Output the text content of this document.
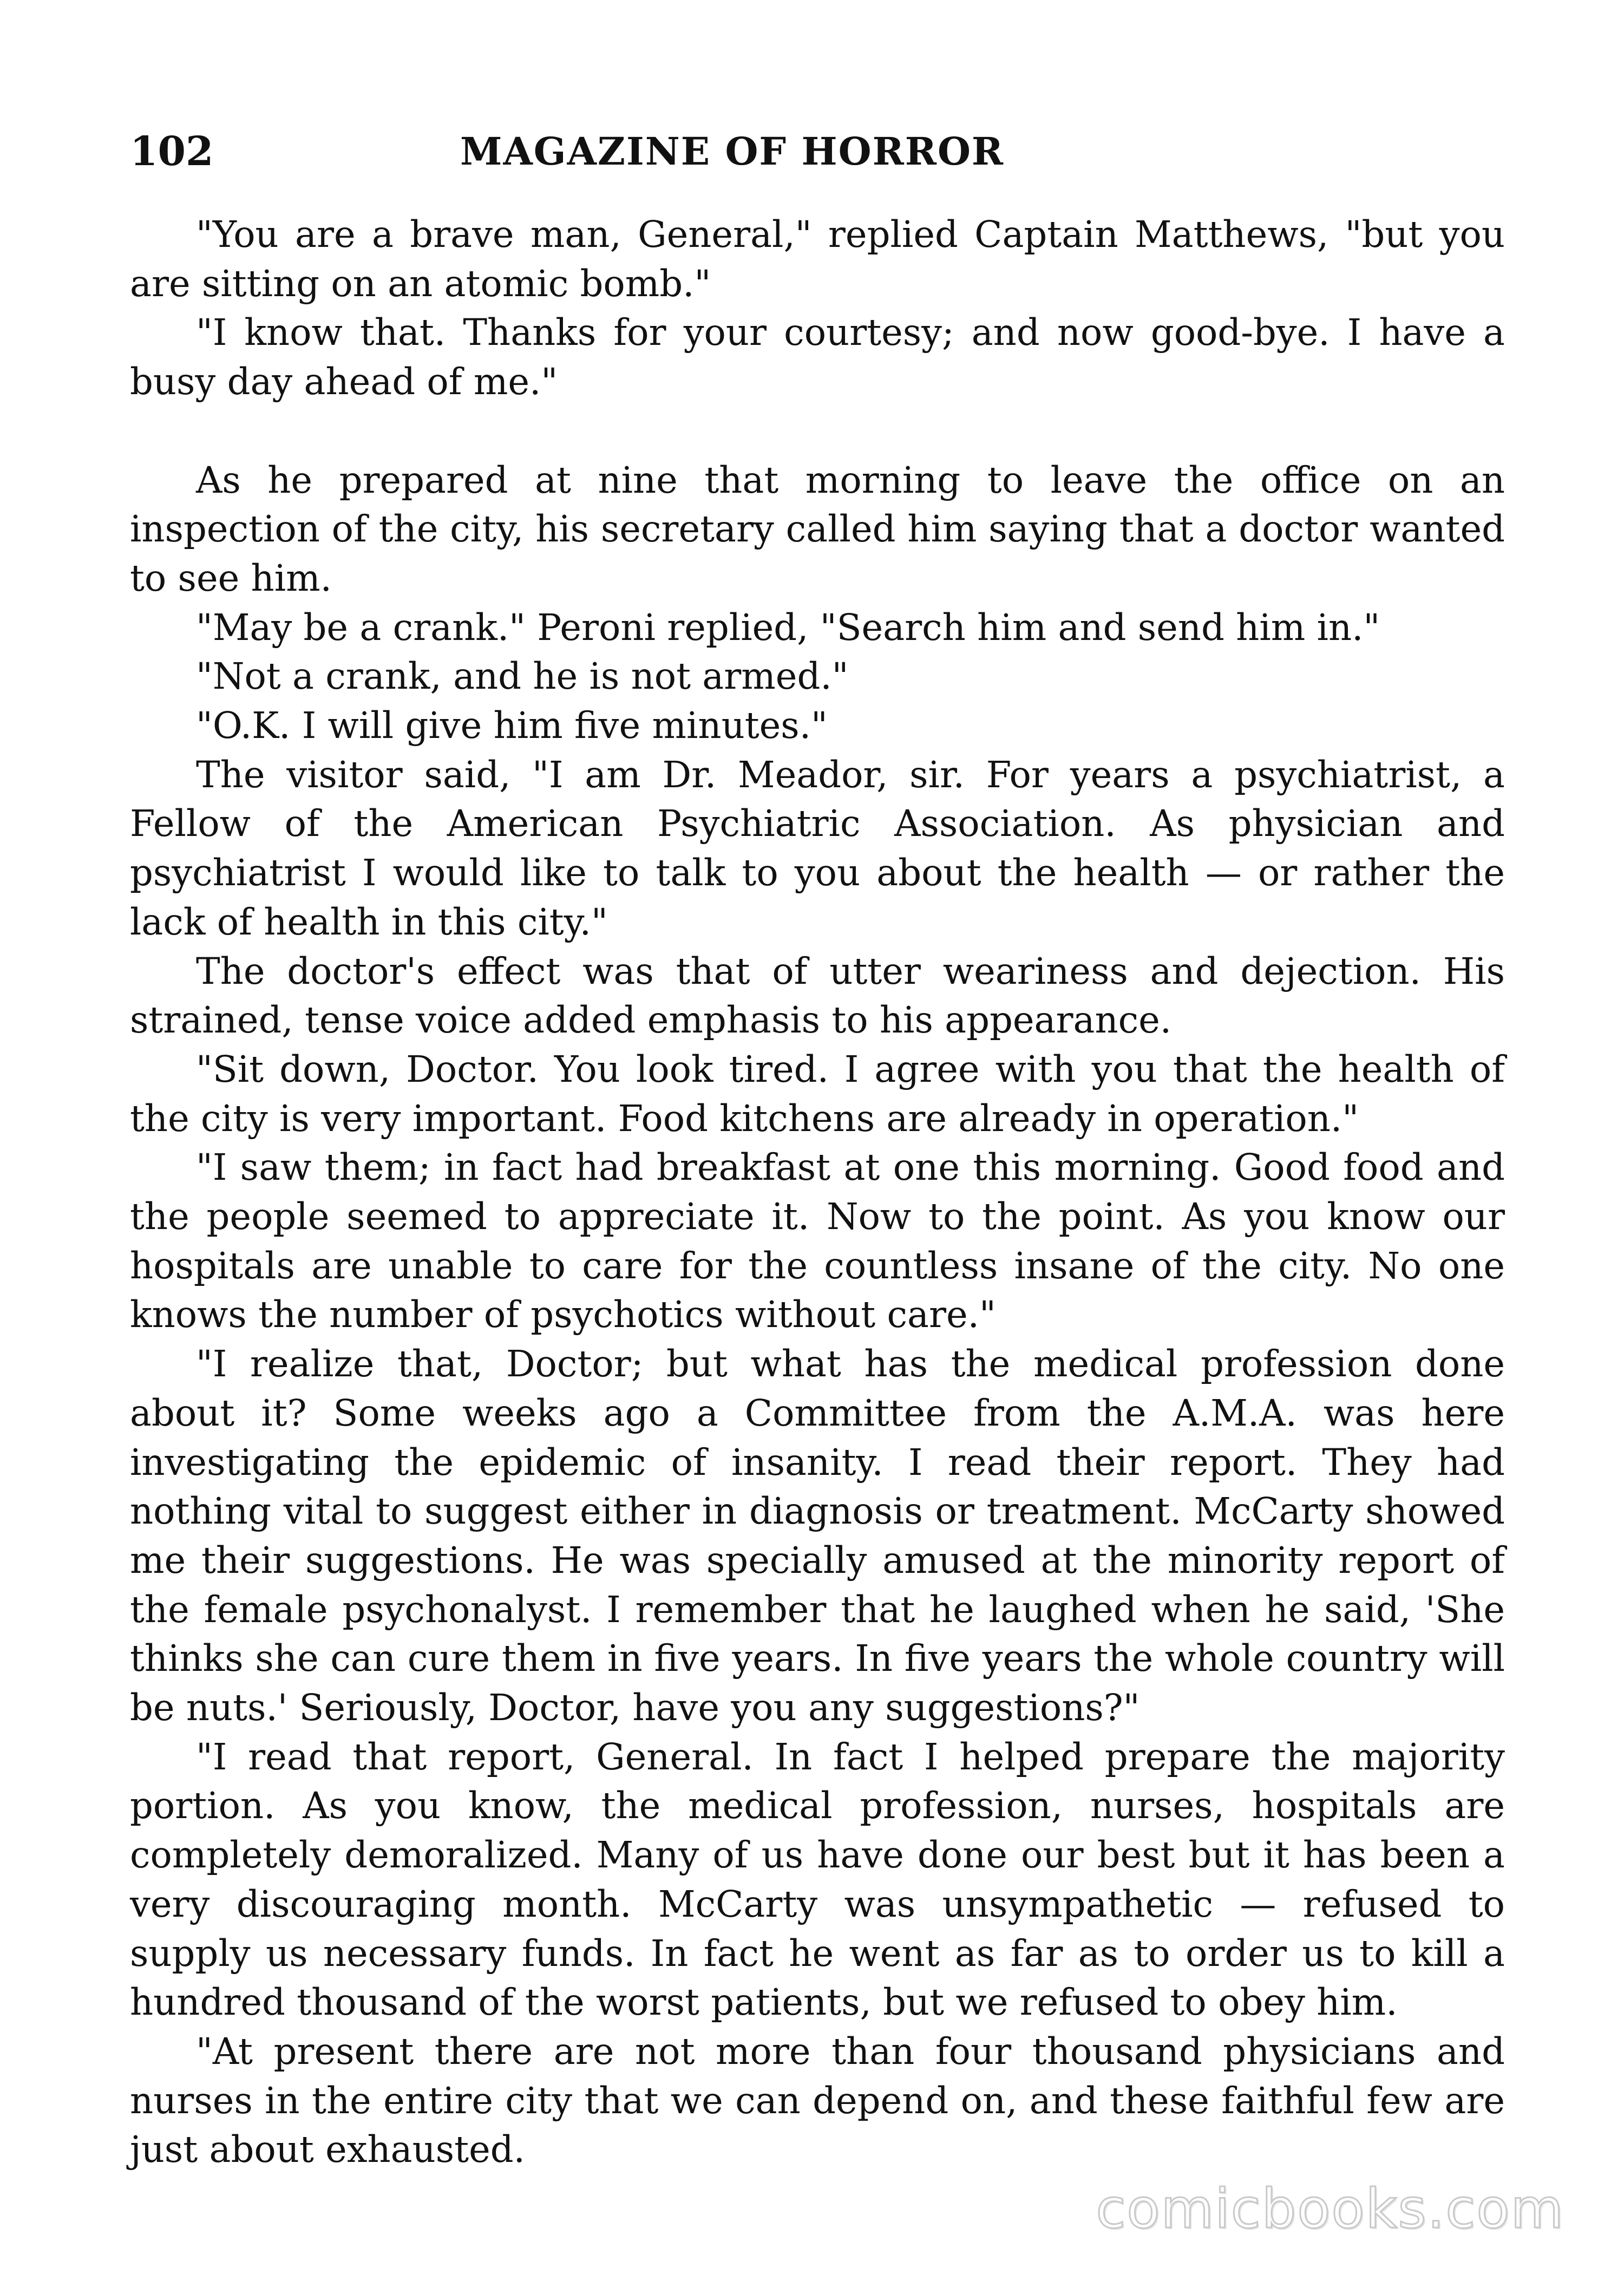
102	MAGAZINE OF HORROR

"You are a brave man, General," replied Captain Matthews, "but you are sitting on an atomic bomb."

"I know that. Thanks for your courtesy; and now good-bye. I have a busy day ahead of me."

As he prepared at nine that morning to leave the office on an inspection of the city, his secretary called him saying that a doctor wanted to see him.

"May be a crank." Peroni replied, "Search him and send him in."

"Not a crank, and he is not armed."

"O.K. I will give him five minutes."

The visitor said, "I am Dr. Meador, sir. For years a psychiatrist, a Fellow of the American Psychiatric Association. As physician and psychiatrist I would like to talk to you about the health — or rather the lack of health in this city."

The doctor's effect was that of utter weariness and dejection. His strained, tense voice added emphasis to his appearance.

"Sit down, Doctor. You look tired. I agree with you that the health of the city is very important. Food kitchens are already in operation."

"I saw them; in fact had breakfast at one this morning. Good food and the people seemed to appreciate it. Now to the point. As you know our hospitals are unable to care for the countless insane of the city. No one knows the number of psychotics without care."

"I realize that, Doctor; but what has the medical profession done about it? Some weeks ago a Committee from the A.M.A. was here investigating the epidemic of insanity. I read their report. They had nothing vital to suggest either in diagnosis or treatment. McCarty showed me their suggestions. He was specially amused at the minority report of the female psychonalyst. I remember that he laughed when he said, 'She thinks she can cure them in five years. In five years the whole country will be nuts.' Seriously, Doctor, have you any suggestions?"

"I read that report, General. In fact I helped prepare the majority portion. As you know, the medical profession, nurses, hospitals are completely demoralized. Many of us have done our best but it has been a very discouraging month. McCarty was unsympathetic — refused to supply us necessary funds. In fact he went as far as to order us to kill a hundred thousand of the worst patients, but we refused to obey him.

"At present there are not more than four thousand physicians and nurses in the entire city that we can depend on, and these faithful few are just about exhausted.

comicbooks.com
